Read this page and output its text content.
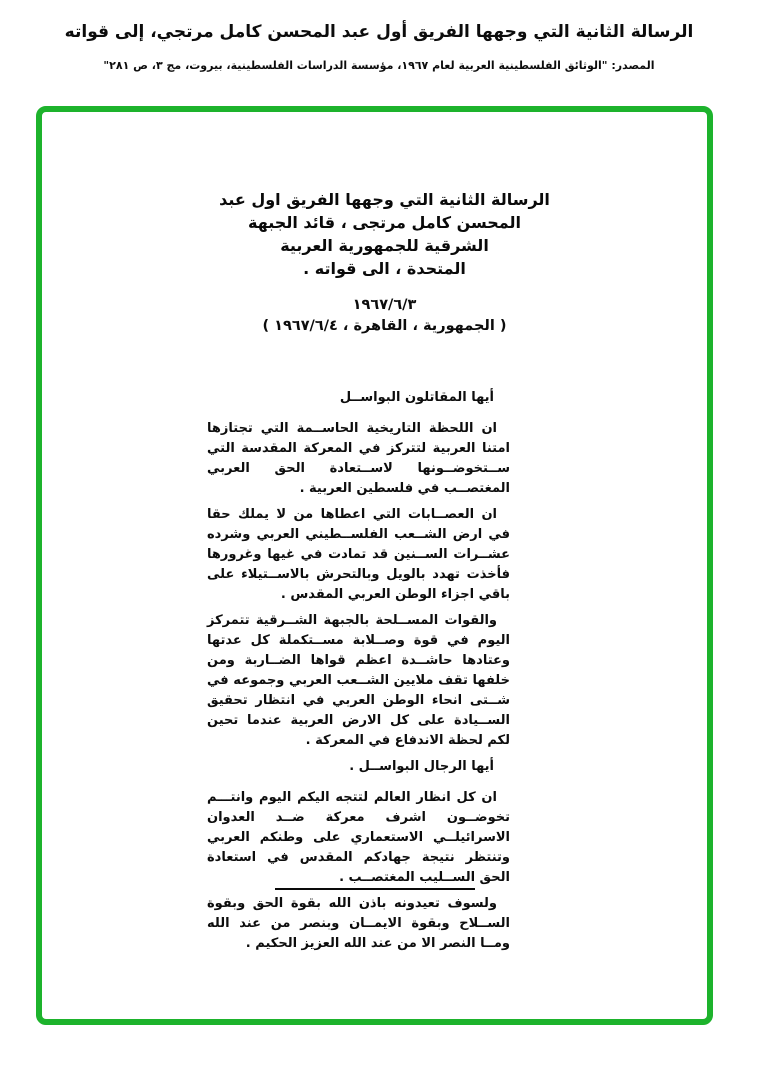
الرسالة الثانية التي وجهها الفريق أول عبد المحسن كامل مرتجي، إلى قواته
المصدر: "الوثائق الفلسطينية العربية لعام ١٩٦٧، مؤسسة الدراسات الفلسطينية، بيروت، مج ٣، ص ٢٨١"
الرسالة الثانية التي وجهها الفريق اول عبد
المحسن كامل مرتجى ، قائد الجبهة
الشرقية للجمهورية العربية
المتحدة ، الى قواته .
١٩٦٧/٦/٣
( الجمهورية ، القاهرة ، ١٩٦٧/٦/٤ )
أيها المقاتلون البواســل

ان اللحظة التاريخية الحاســمة التي تجتازها امتنا العربية لتتركز في المعركة المقدسة التي ســتخوضــونها لاســتعادة الحق العربي المغتصــب في فلسطين العربية .

ان العصــابات التي اعطاها من لا يملك حقا في ارض الشــعب الفلســطيني العربي وشرده عشــرات الســنين قد تمادت في غيها وغرورها فأخذت تهدد بالويل وبالتحرش بالاســتيلاء على باقي اجزاء الوطن العربي المقدس .

والقوات المســلحة بالجبهة الشــرقية تتمركز اليوم في قوة وصــلابة مســتكملة كل عدتها وعتادها حاشــدة اعظم قواها الضــاربة ومن خلفها تقف ملايين الشــعب العربي وجموعه في شــتى انحاء الوطن العربي في انتظار تحقيق الســيادة على كل الارض العربية عندما تحين لكم لحظة الاندفاع في المعركة .

أيها الرجال البواســل .

ان كل انظار العالم لتتجه اليكم اليوم وانتـــم تخوضــون اشرف معركة ضــد العدوان الاسرائيلــي الاستعماري على وطنكم العربي وتنتظر نتيجة جهادكم المقدس في استعادة الحق الســليب المغتصــب .

ولسوف تعيدونه باذن الله بقوة الحق وبقوة الســلاح وبقوة الايمــان وبنصر من عند الله ومــا النصر الا من عند الله العزيز الحكيم .
